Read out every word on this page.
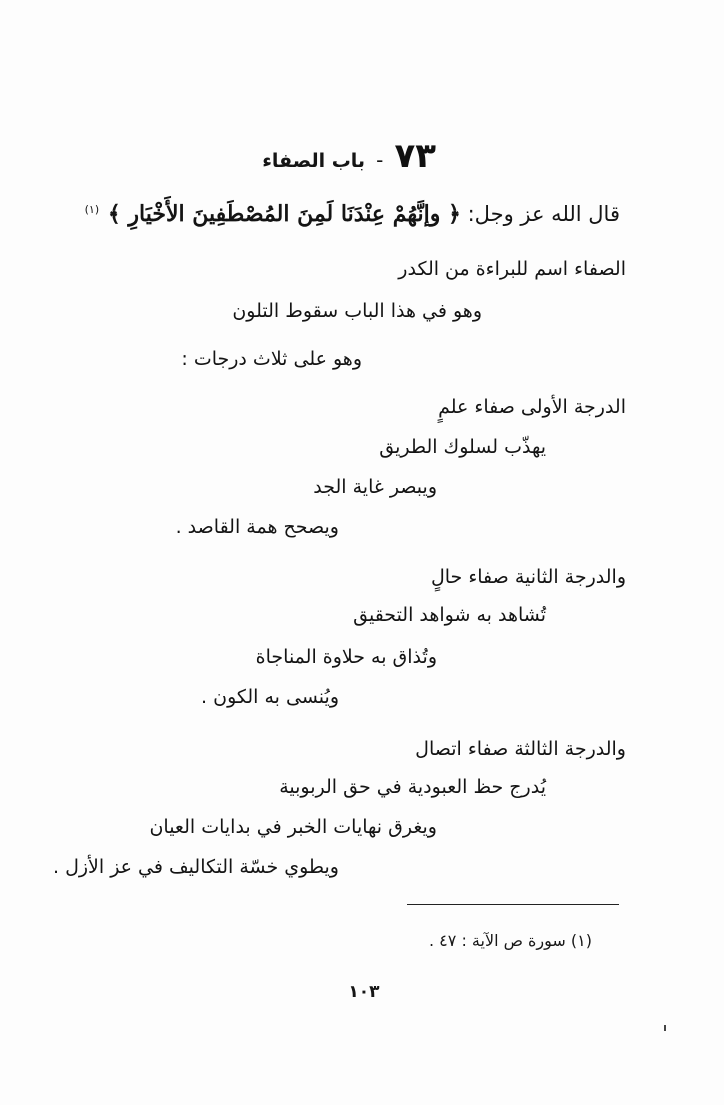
٧٣ - باب الصفاء
قال الله عز وجل: ﴿ وإنَّهُمْ عِنْدَنَا لَمِنَ المُصْطَفِينَ الأَخْيَارِ ﴾ $^{(١)}$
الصفاء اسم للبراءة من الكدر
وهو في هذا الباب سقوط التلون
وهو على ثلاث درجات :
الدرجة الأولى صفاء علمٍ
يهذّب لسلوك الطريق
ويبصر غاية الجد
ويصحح همة القاصد .
والدرجة الثانية صفاء حالٍ
تُشاهد به شواهد التحقيق
وتُذاق به حلاوة المناجاة
ويُنسى به الكون .
والدرجة الثالثة صفاء اتصال
يُدرج حظ العبودية في حق الربوبية
ويغرق نهايات الخبر في بدايات العيان
ويطوي خسّة التكاليف في عز الأزل .
(١) سورة ص الآية : ٤٧ .
١٠٣
